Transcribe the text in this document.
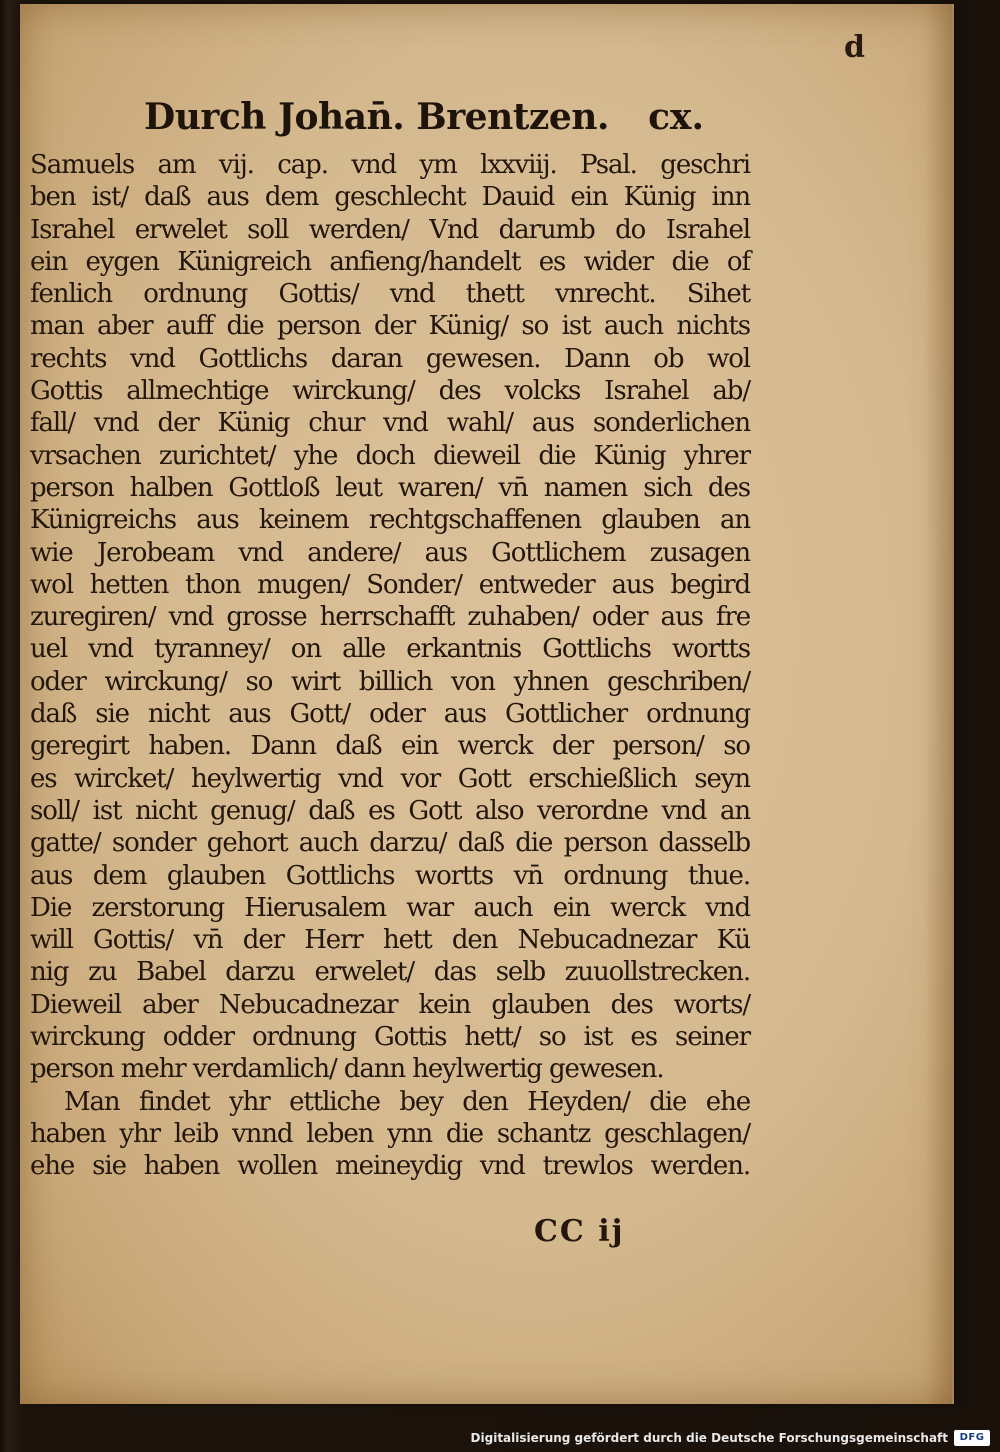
d
Durch Johan̄. Brentzen. cx.
Samuels am vij. cap. vnd ym lxxviij. Psal. geschri
ben ist/ daß aus dem geschlecht Dauid ein Künig inn
Israhel erwelet soll werden/ Vnd darumb do Israhel
ein eygen Künigreich anfieng/handelt es wider die of
fenlich ordnung Gottis/ vnd thett vnrecht. Sihet
man aber auff die person der Künig/ so ist auch nichts
rechts vnd Gottlichs daran gewesen. Dann ob wol
Gottis allmechtige wirckung/ des volcks Israhel ab/
fall/ vnd der Künig chur vnd wahl/ aus sonderlichen
vrsachen zurichtet/ yhe doch dieweil die Künig yhrer
person halben Gottloß leut waren/ vn̄ namen sich des
Künigreichs aus keinem rechtgschaffenen glauben an
wie Jerobeam vnd andere/ aus Gottlichem zusagen
wol hetten thon mugen/ Sonder/ entweder aus begird
zuregiren/ vnd grosse herrschafft zuhaben/ oder aus fre
uel vnd tyranney/ on alle erkantnis Gottlichs wortts
oder wirckung/ so wirt billich von yhnen geschriben/
daß sie nicht aus Gott/ oder aus Gottlicher ordnung
geregirt haben. Dann daß ein werck der person/ so
es wircket/ heylwertig vnd vor Gott erschießlich seyn
soll/ ist nicht genug/ daß es Gott also verordne vnd an
gatte/ sonder gehort auch darzu/ daß die person dasselb
aus dem glauben Gottlichs wortts vn̄ ordnung thue.
Die zerstorung Hierusalem war auch ein werck vnd
will Gottis/ vn̄ der Herr hett den Nebucadnezar Kü
nig zu Babel darzu erwelet/ das selb zuuollstrecken.
Dieweil aber Nebucadnezar kein glauben des worts/
wirckung odder ordnung Gottis hett/ so ist es seiner
person mehr verdamlich/ dann heylwertig gewesen.
Man findet yhr ettliche bey den Heyden/ die ehe
haben yhr leib vnnd leben ynn die schantz geschlagen/
ehe sie haben wollen meineydig vnd trewlos werden.
CC ij
Digitalisierung gefördert durch die Deutsche Forschungsgemeinschaft	DFG
